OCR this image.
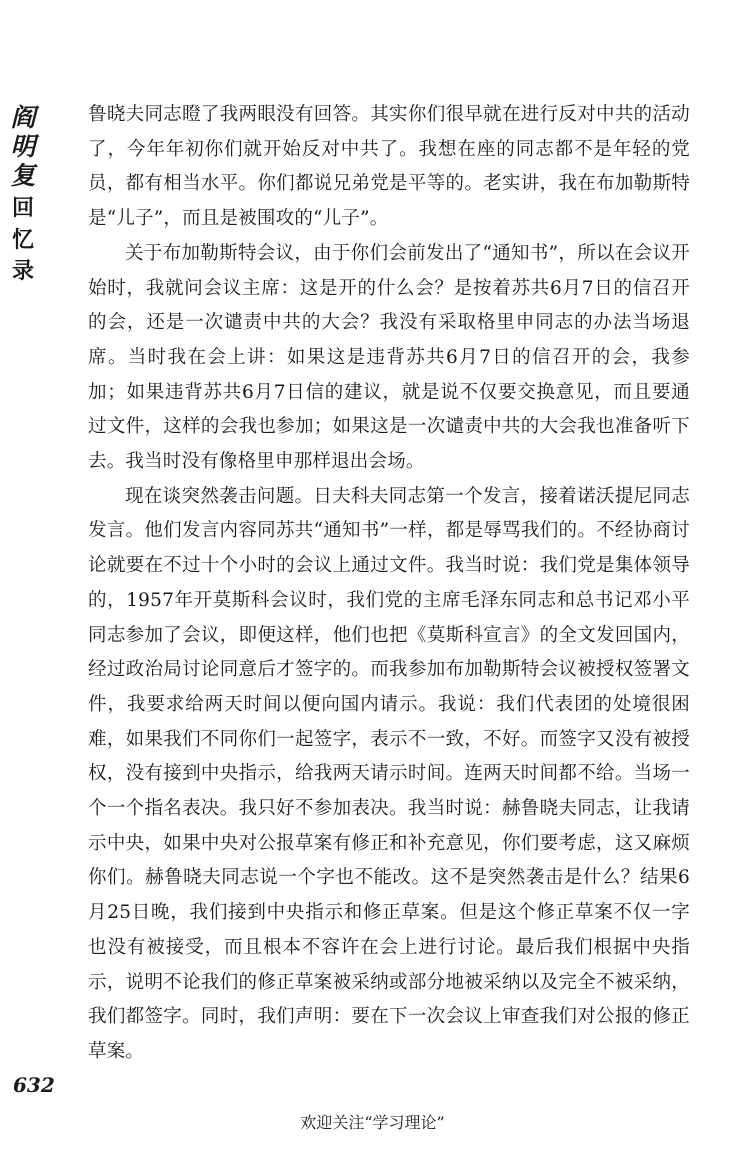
阎
明
复
回
忆
录

鲁晓夫同志瞪了我两眼没有回答。其实你们很早就在进行反对中共的活动了，今年年初你们就开始反对中共了。我想在座的同志都不是年轻的党员，都有相当水平。你们都说兄弟党是平等的。老实讲，我在布加勒斯特是“儿子”，而且是被围攻的“儿子”。

关于布加勒斯特会议，由于你们会前发出了“通知书”，所以在会议开始时，我就问会议主席：这是开的什么会？是按着苏共6月7日的信召开的会，还是一次谴责中共的大会？我没有采取格里申同志的办法当场退席。当时我在会上讲：如果这是违背苏共6月7日的信召开的会，我参加；如果违背苏共6月7日信的建议，就是说不仅要交换意见，而且要通过文件，这样的会我也参加；如果这是一次谴责中共的大会我也准备听下去。我当时没有像格里申那样退出会场。

现在谈突然袭击问题。日夫科夫同志第一个发言，接着诺沃提尼同志发言。他们发言内容同苏共“通知书”一样，都是辱骂我们的。不经协商讨论就要在不过十个小时的会议上通过文件。我当时说：我们党是集体领导的，1957年开莫斯科会议时，我们党的主席毛泽东同志和总书记邓小平同志参加了会议，即便这样，他们也把《莫斯科宣言》的全文发回国内，经过政治局讨论同意后才签字的。而我参加布加勒斯特会议被授权签署文件，我要求给两天时间以便向国内请示。我说：我们代表团的处境很困难，如果我们不同你们一起签字，表示不一致，不好。而签字又没有被授权，没有接到中央指示，给我两天请示时间。连两天时间都不给。当场一个一个指名表决。我只好不参加表决。我当时说：赫鲁晓夫同志，让我请示中央，如果中央对公报草案有修正和补充意见，你们要考虑，这又麻烦你们。赫鲁晓夫同志说一个字也不能改。这不是突然袭击是什么？结果6月25日晚，我们接到中央指示和修正草案。但是这个修正草案不仅一字也没有被接受，而且根本不容许在会上进行讨论。最后我们根据中央指示，说明不论我们的修正草案被采纳或部分地被采纳以及完全不被采纳，我们都签字。同时，我们声明：要在下一次会议上审查我们对公报的修正草案。

632
欢迎关注“学习理论”
